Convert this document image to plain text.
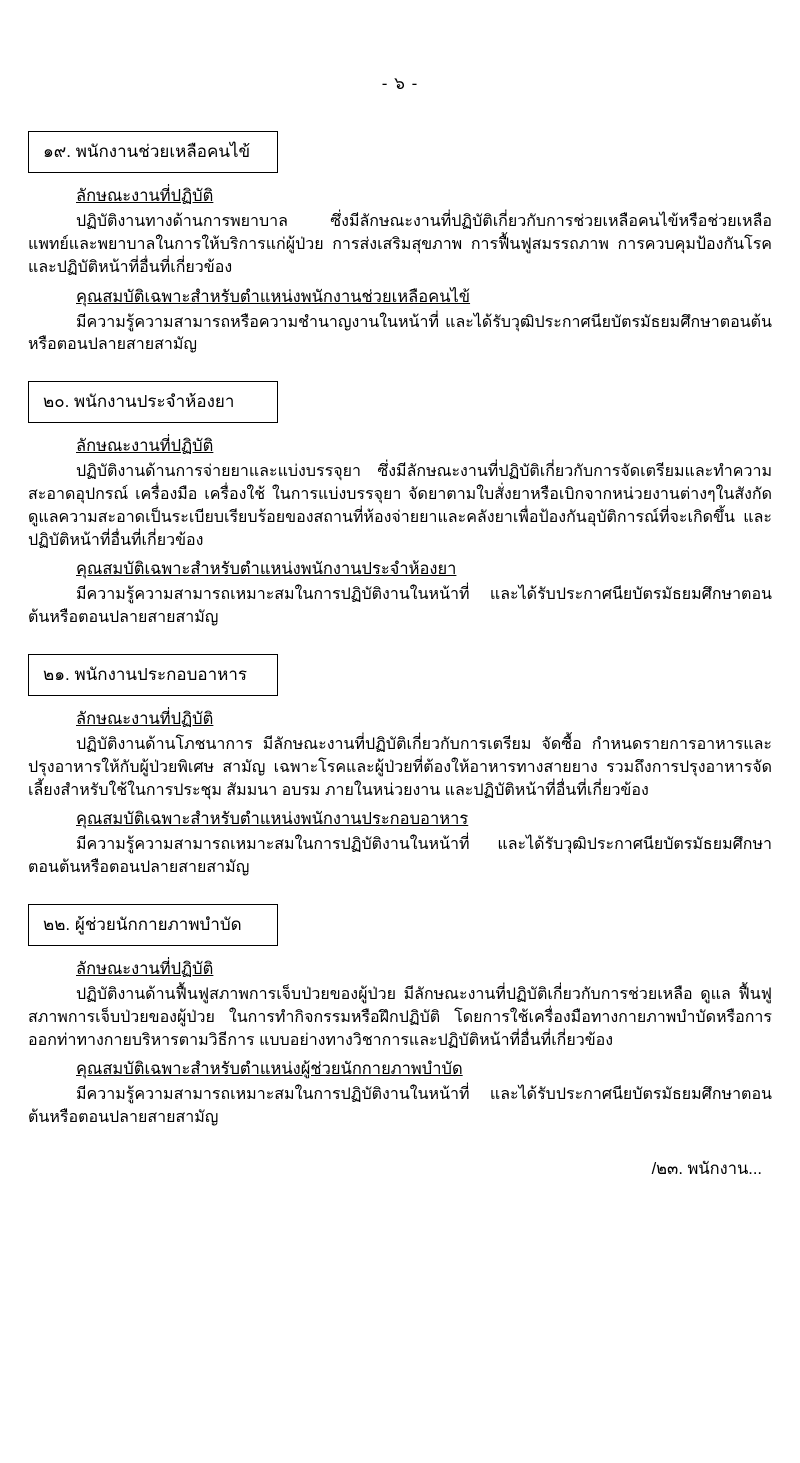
- ๖ -
๑๙. พนักงานช่วยเหลือคนไข้
ลักษณะงานที่ปฏิบัติ

ปฏิบัติงานทางด้านการพยาบาล ซึ่งมีลักษณะงานที่ปฏิบัติเกี่ยวกับการช่วยเหลือคนไข้หรือช่วยเหลือแพทย์และพยาบาลในการให้บริการแก่ผู้ป่วย การส่งเสริมสุขภาพ การฟื้นฟูสมรรถภาพ การควบคุมป้องกันโรค และปฏิบัติหน้าที่อื่นที่เกี่ยวข้อง

คุณสมบัติเฉพาะสำหรับตำแหน่งพนักงานช่วยเหลือคนไข้

มีความรู้ความสามารถหรือความชำนาญงานในหน้าที่ และได้รับวุฒิประกาศนียบัตรมัธยมศึกษาตอนต้นหรือตอนปลายสายสามัญ

๒๐. พนักงานประจำห้องยา
ลักษณะงานที่ปฏิบัติ

ปฏิบัติงานด้านการจ่ายยาและแบ่งบรรจุยา ซึ่งมีลักษณะงานที่ปฏิบัติเกี่ยวกับการจัดเตรียมและทำความสะอาดอุปกรณ์ เครื่องมือ เครื่องใช้ ในการแบ่งบรรจุยา จัดยาตามใบสั่งยาหรือเบิกจากหน่วยงานต่างๆในสังกัด ดูแลความสะอาดเป็นระเบียบเรียบร้อยของสถานที่ห้องจ่ายยาและคลังยาเพื่อป้องกันอุบัติการณ์ที่จะเกิดขึ้น และปฏิบัติหน้าที่อื่นที่เกี่ยวข้อง

คุณสมบัติเฉพาะสำหรับตำแหน่งพนักงานประจำห้องยา

มีความรู้ความสามารถเหมาะสมในการปฏิบัติงานในหน้าที่ และได้รับประกาศนียบัตรมัธยมศึกษาตอนต้นหรือตอนปลายสายสามัญ

๒๑. พนักงานประกอบอาหาร
ลักษณะงานที่ปฏิบัติ

ปฏิบัติงานด้านโภชนาการ มีลักษณะงานที่ปฏิบัติเกี่ยวกับการเตรียม จัดซื้อ กำหนดรายการอาหารและปรุงอาหารให้กับผู้ป่วยพิเศษ สามัญ เฉพาะโรคและผู้ป่วยที่ต้องให้อาหารทางสายยาง รวมถึงการปรุงอาหารจัดเลี้ยงสำหรับใช้ในการประชุม สัมมนา อบรม ภายในหน่วยงาน และปฏิบัติหน้าที่อื่นที่เกี่ยวข้อง

คุณสมบัติเฉพาะสำหรับตำแหน่งพนักงานประกอบอาหาร

มีความรู้ความสามารถเหมาะสมในการปฏิบัติงานในหน้าที่ และได้รับวุฒิประกาศนียบัตรมัธยมศึกษาตอนต้นหรือตอนปลายสายสามัญ

๒๒. ผู้ช่วยนักกายภาพบำบัด
ลักษณะงานที่ปฏิบัติ

ปฏิบัติงานด้านฟื้นฟูสภาพการเจ็บป่วยของผู้ป่วย มีลักษณะงานที่ปฏิบัติเกี่ยวกับการช่วยเหลือ ดูแล ฟื้นฟูสภาพการเจ็บป่วยของผู้ป่วย ในการทำกิจกรรมหรือฝึกปฏิบัติ โดยการใช้เครื่องมือทางกายภาพบำบัดหรือการออกท่าทางกายบริหารตามวิธีการ แบบอย่างทางวิชาการและปฏิบัติหน้าที่อื่นที่เกี่ยวข้อง

คุณสมบัติเฉพาะสำหรับตำแหน่งผู้ช่วยนักกายภาพบำบัด

มีความรู้ความสามารถเหมาะสมในการปฏิบัติงานในหน้าที่ และได้รับประกาศนียบัตรมัธยมศึกษาตอนต้นหรือตอนปลายสายสามัญ

/๒๓. พนักงาน...
